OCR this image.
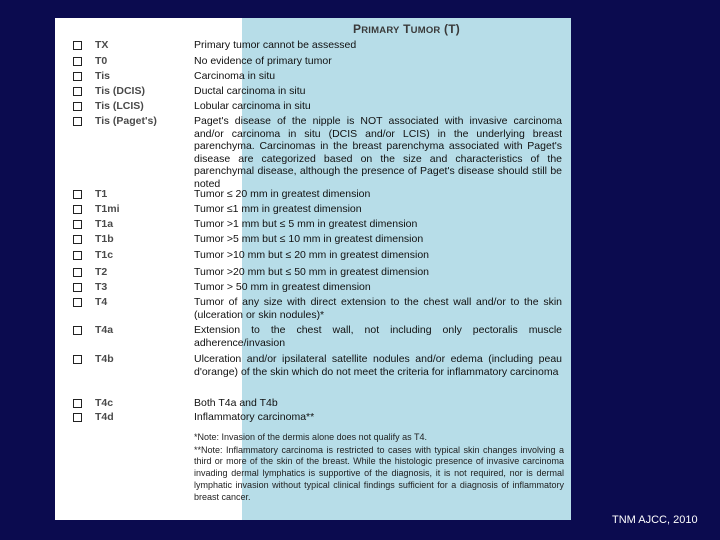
PRIMARY TUMOR (T)
TX	Primary tumor cannot be assessed
T0	No evidence of primary tumor
Tis	Carcinoma in situ
Tis (DCIS)	Ductal carcinoma in situ
Tis (LCIS)	Lobular carcinoma in situ
Tis (Paget's)	Paget's disease of the nipple is NOT associated with invasive carcinoma and/or carcinoma in situ (DCIS and/or LCIS) in the underlying breast parenchyma. Carcinomas in the breast parenchyma associated with Paget's disease are categorized based on the size and characteristics of the parenchymal disease, although the presence of Paget's disease should still be noted
T1	Tumor ≤ 20 mm in greatest dimension
T1mi	Tumor ≤1 mm in greatest dimension
T1a	Tumor >1 mm but ≤ 5 mm in greatest dimension
T1b	Tumor >5 mm but ≤ 10 mm in greatest dimension
T1c	Tumor >10 mm but ≤ 20 mm in greatest dimension
T2	Tumor >20 mm but ≤ 50 mm in greatest dimension
T3	Tumor > 50 mm in greatest dimension
T4	Tumor of any size with direct extension to the chest wall and/or to the skin (ulceration or skin nodules)*
T4a	Extension to the chest wall, not including only pectoralis muscle adherence/invasion
T4b	Ulceration and/or ipsilateral satellite nodules and/or edema (including peau d'orange) of the skin which do not meet the criteria for inflammatory carcinoma
T4c	Both T4a and T4b
T4d	Inflammatory carcinoma**

*Note: Invasion of the dermis alone does not qualify as T4.

**Note: Inflammatory carcinoma is restricted to cases with typical skin changes involving a third or more of the skin of the breast. While the histologic presence of invasive carcinoma invading dermal lymphatics is supportive of the diagnosis, it is not required, nor is dermal lymphatic invasion without typical clinical findings sufficient for a diagnosis of inflammatory breast cancer.

TNM AJCC, 2010
